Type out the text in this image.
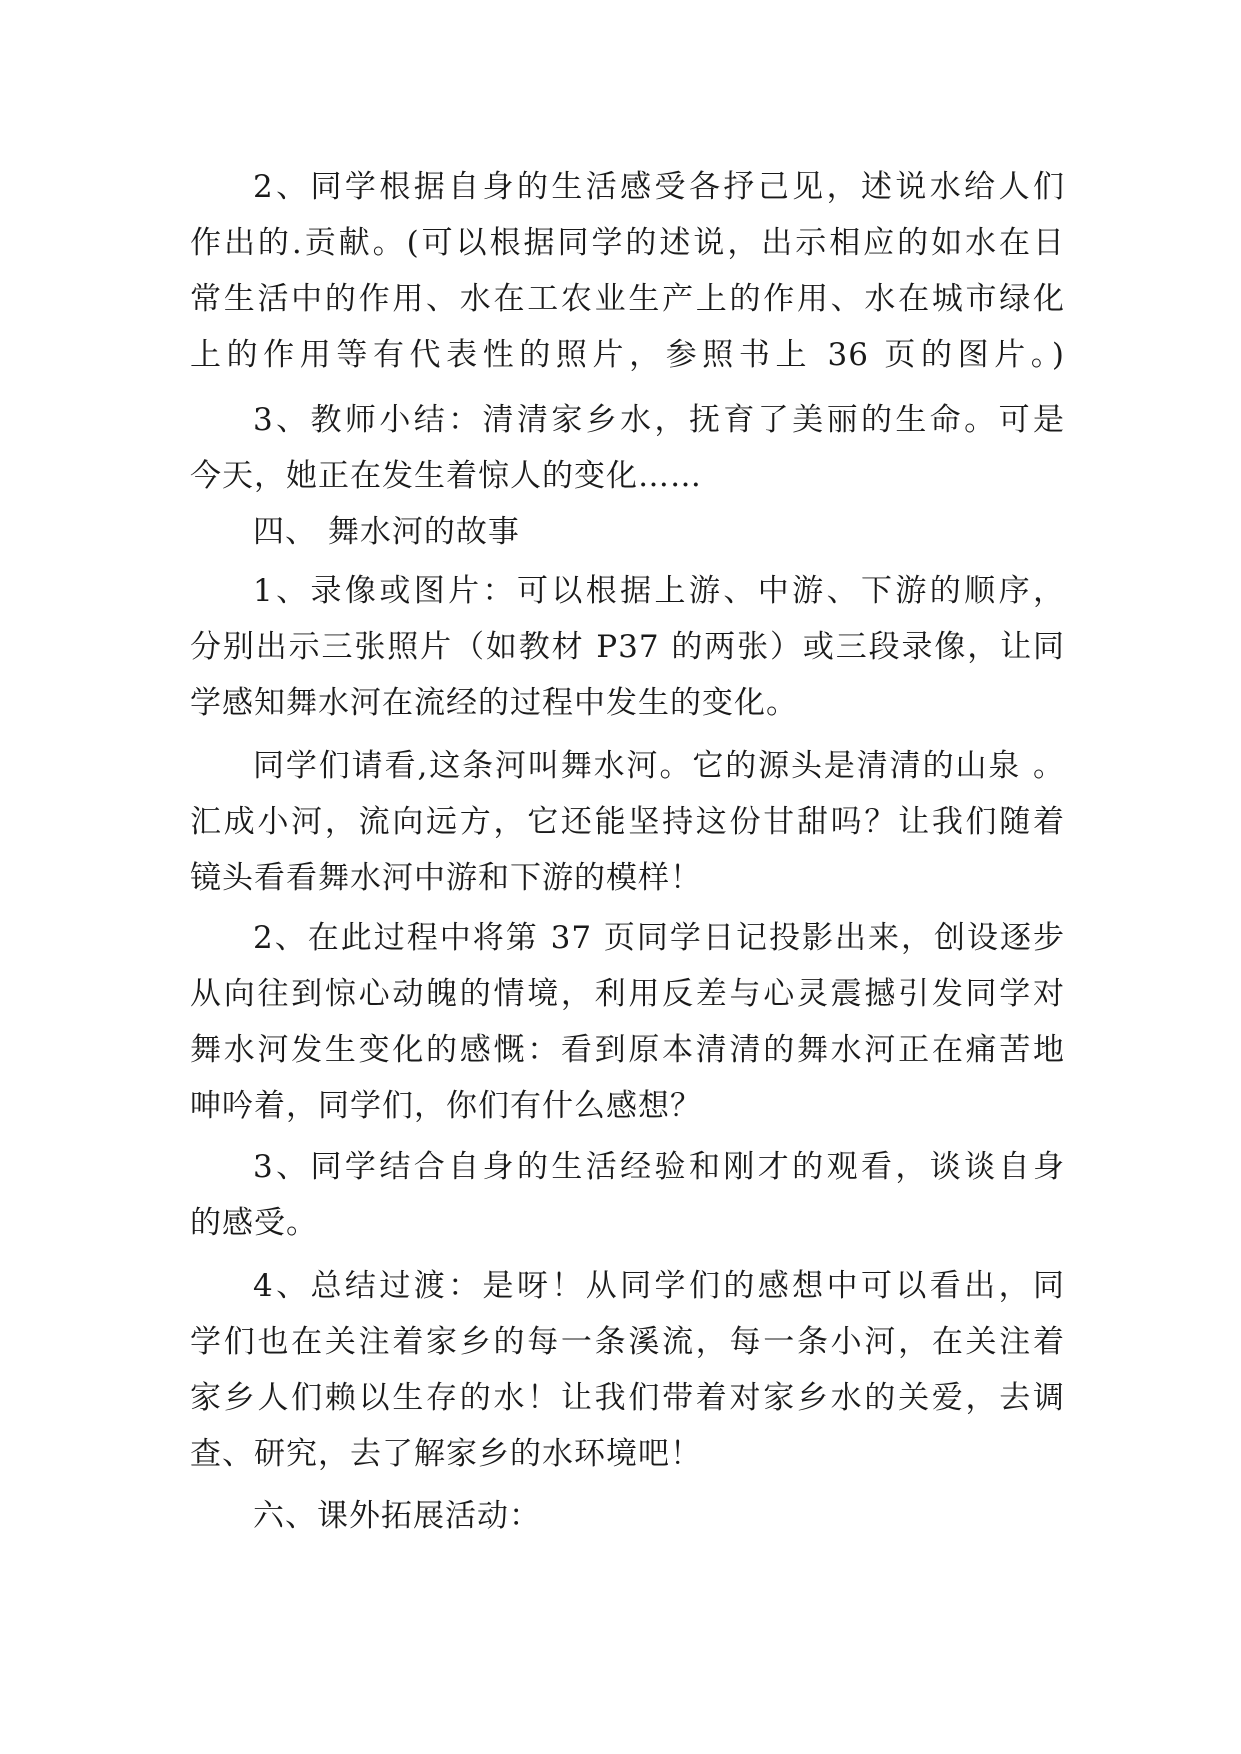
2、同学根据自身的生活感受各抒己见，述说水给人们
作出的.贡献。(可以根据同学的述说，出示相应的如水在日
常生活中的作用、水在工农业生产上的作用、水在城市绿化
上的作用等有代表性的照片，参照书上 36 页的图片。)
3、教师小结：清清家乡水，抚育了美丽的生命。可是
今天，她正在发生着惊人的变化……
四、 舞水河的故事
1、录像或图片：可以根据上游、中游、下游的顺序，
分别出示三张照片（如教材 P37 的两张）或三段录像，让同
学感知舞水河在流经的过程中发生的变化。
同学们请看,这条河叫舞水河。它的源头是清清的山泉 。
汇成小河，流向远方，它还能坚持这份甘甜吗？让我们随着
镜头看看舞水河中游和下游的模样！
2、在此过程中将第 37 页同学日记投影出来，创设逐步
从向往到惊心动魄的情境，利用反差与心灵震撼引发同学对
舞水河发生变化的感慨：看到原本清清的舞水河正在痛苦地
呻吟着，同学们，你们有什么感想？
3、同学结合自身的生活经验和刚才的观看，谈谈自身
的感受。
4、总结过渡：是呀！从同学们的感想中可以看出，同
学们也在关注着家乡的每一条溪流，每一条小河，在关注着
家乡人们赖以生存的水！让我们带着对家乡水的关爱，去调
查、研究，去了解家乡的水环境吧！
六、课外拓展活动：
